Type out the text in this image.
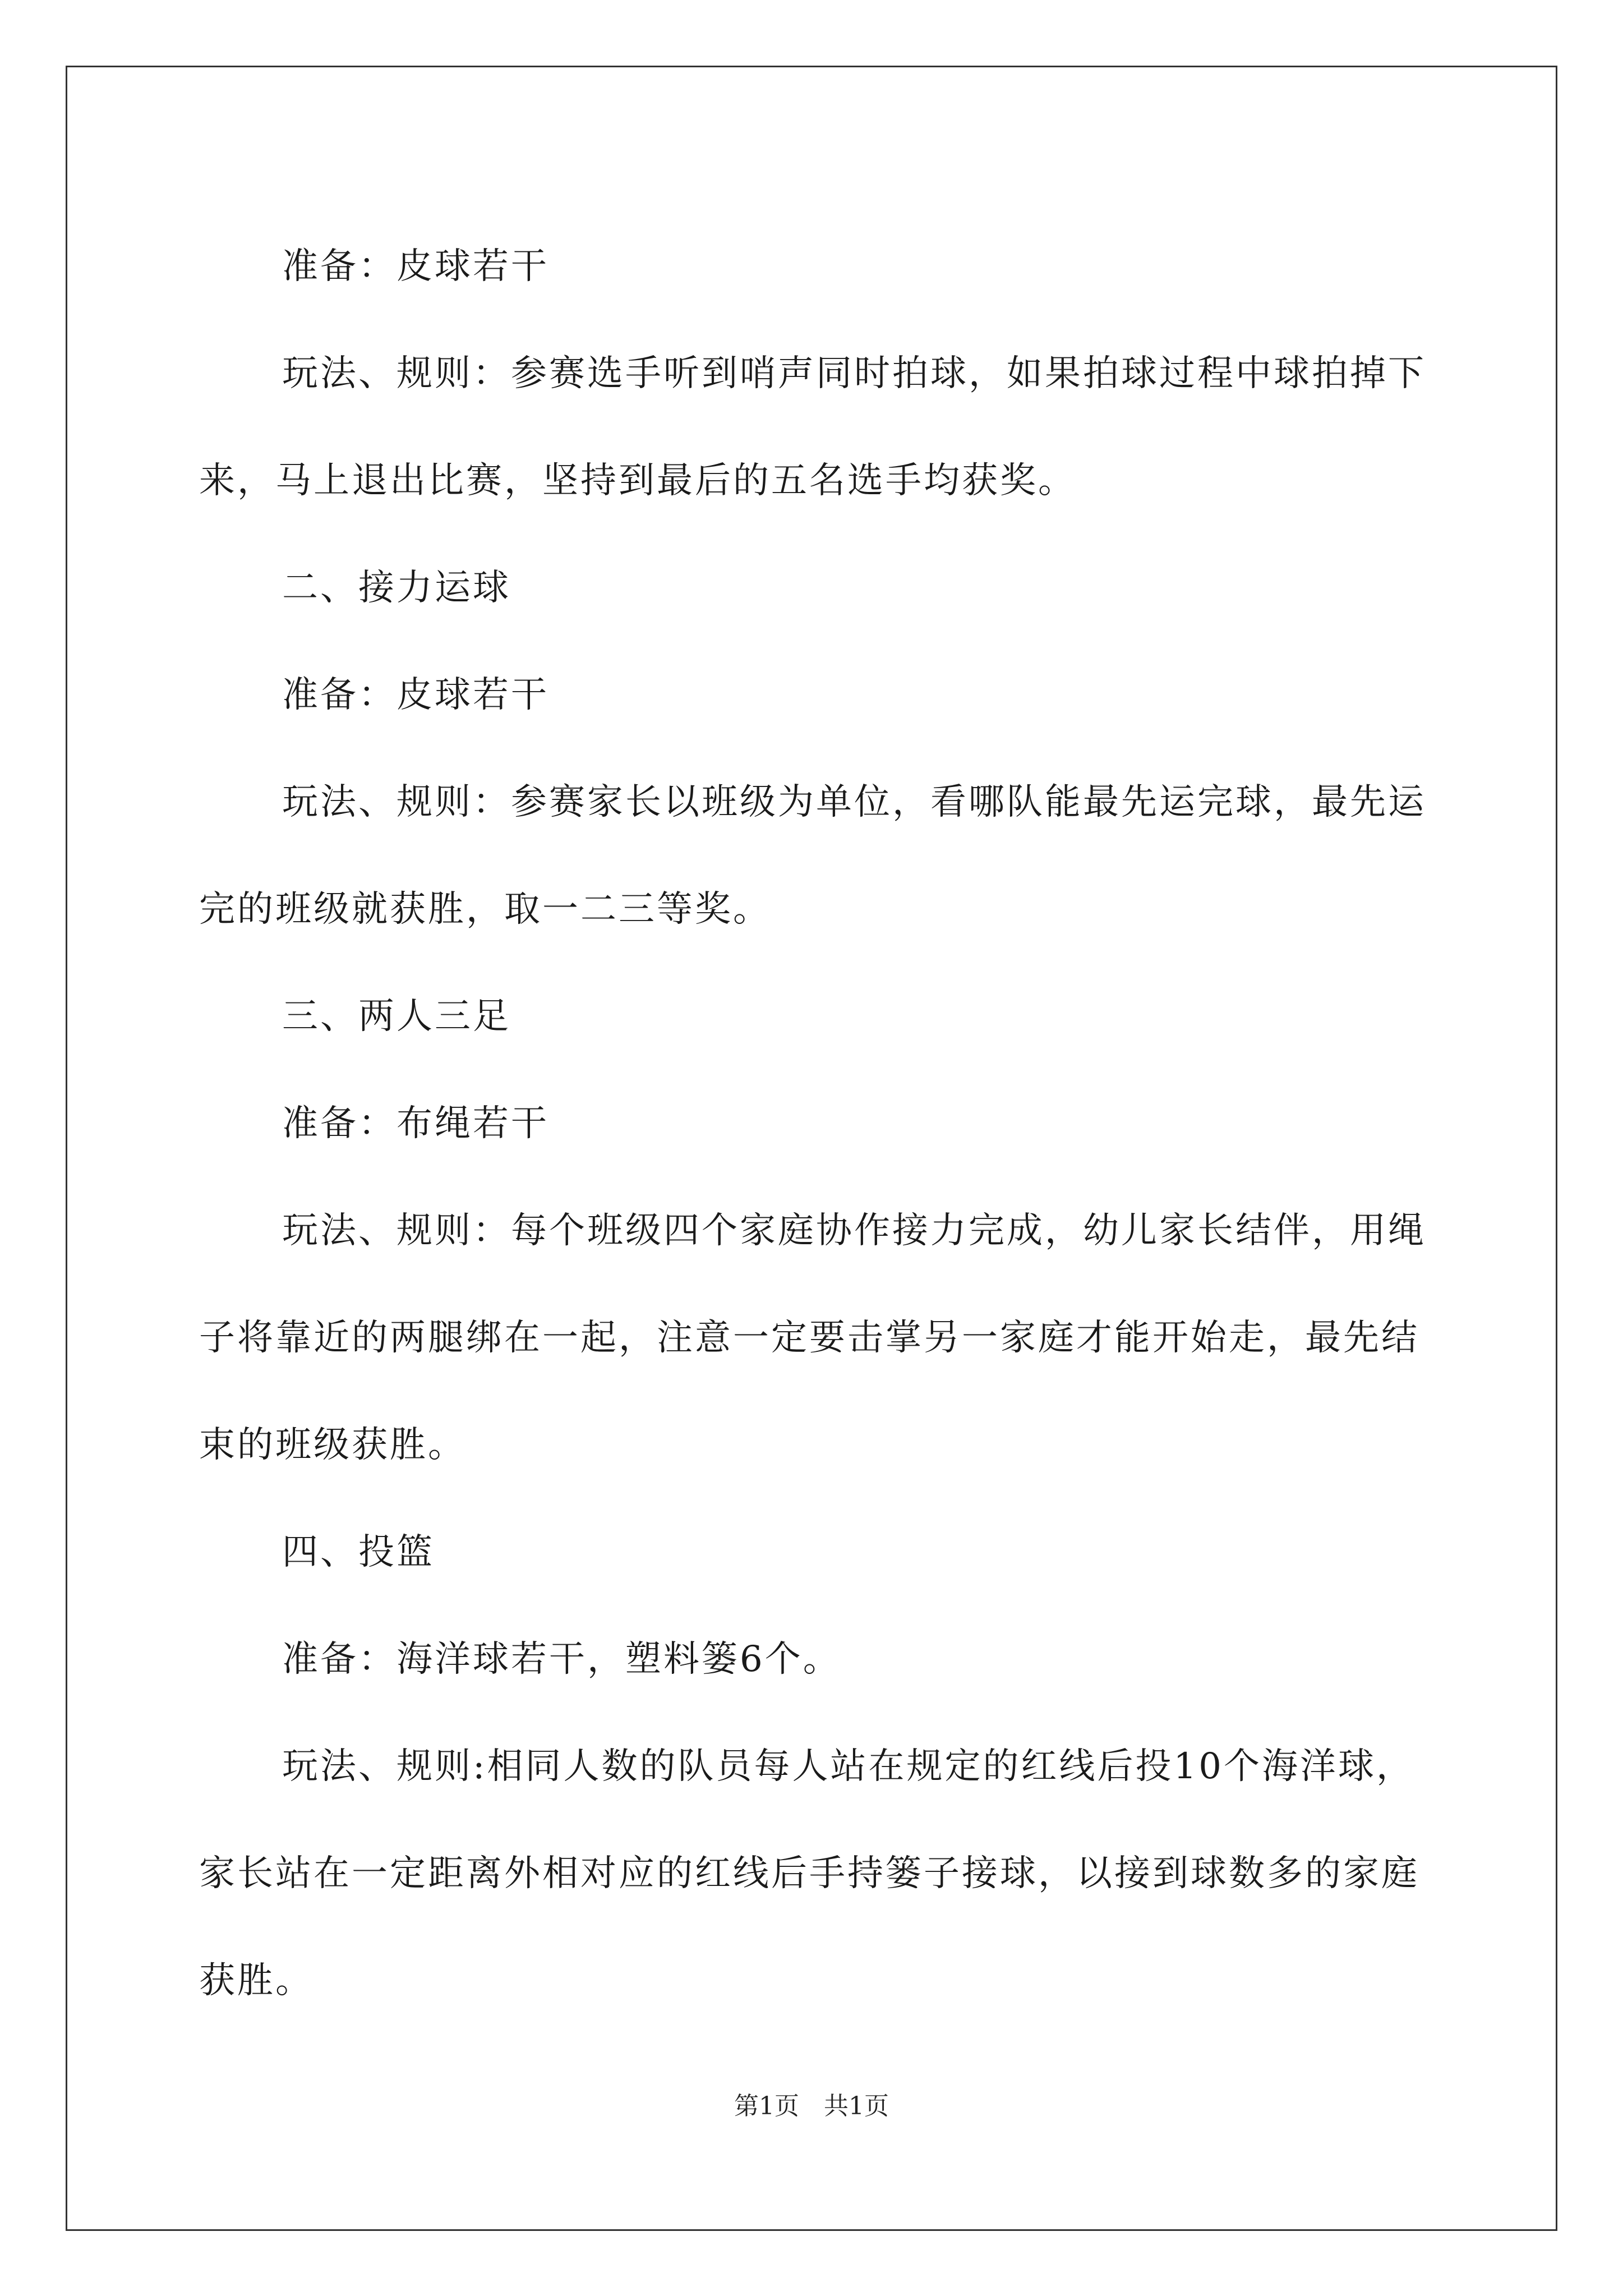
准备：皮球若干

玩法、规则：参赛选手听到哨声同时拍球，如果拍球过程中球拍掉下来，马上退出比赛，坚持到最后的五名选手均获奖。

二、接力运球

准备：皮球若干

玩法、规则：参赛家长以班级为单位，看哪队能最先运完球，最先运完的班级就获胜，取一二三等奖。

三、两人三足

准备：布绳若干

玩法、规则：每个班级四个家庭协作接力完成，幼儿家长结伴，用绳子将靠近的两腿绑在一起，注意一定要击掌另一家庭才能开始走，最先结束的班级获胜。

四、投篮

准备：海洋球若干，塑料篓6个。

玩法、规则:相同人数的队员每人站在规定的红线后投10个海洋球，家长站在一定距离外相对应的红线后手持篓子接球，以接到球数多的家庭获胜。

第1页　共1页
